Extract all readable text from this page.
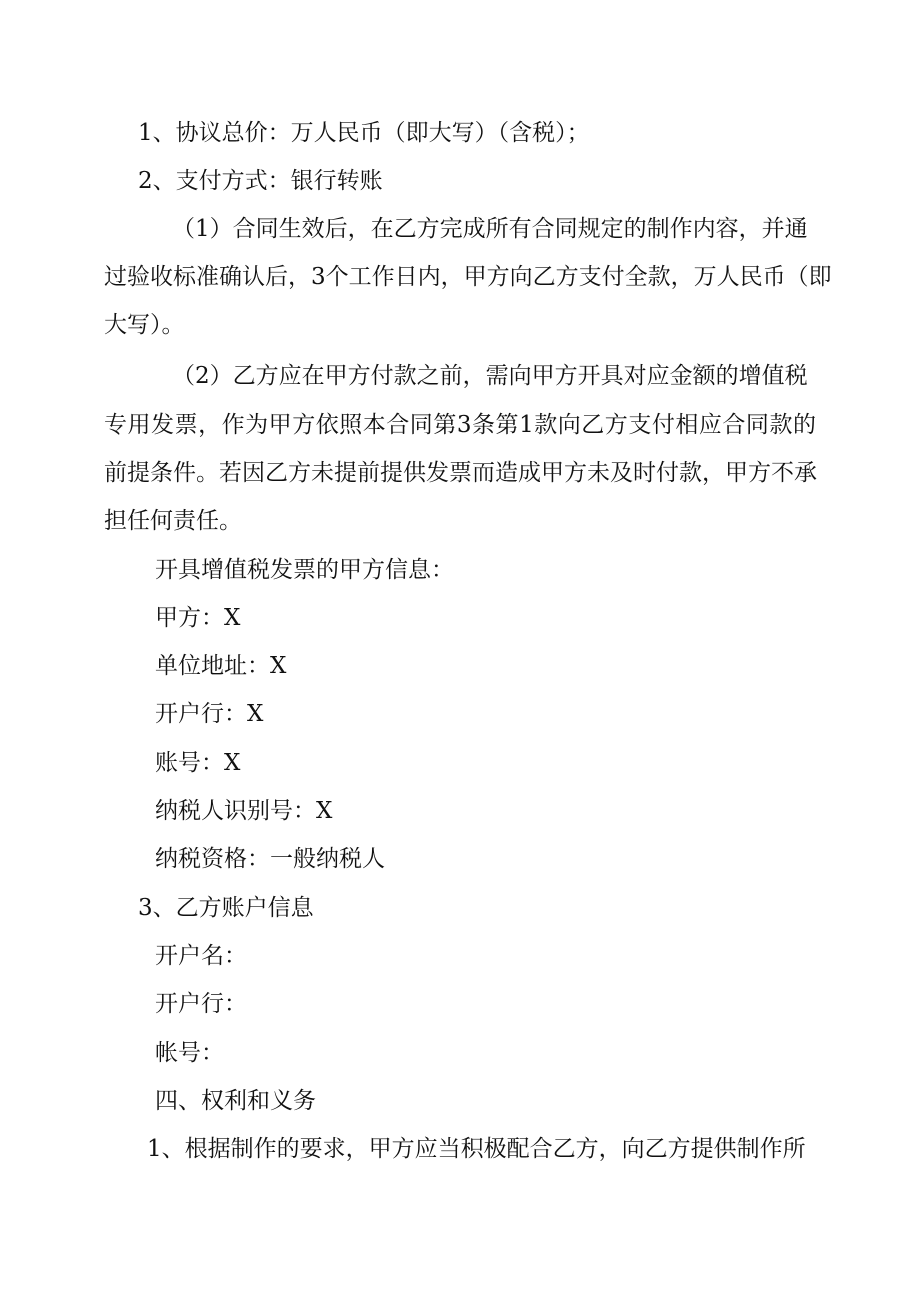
1、协议总价：万人民币（即大写）（含税）；
2、支付方式：银行转账
（1）合同生效后，在乙方完成所有合同规定的制作内容，并通
过验收标准确认后，3个工作日内，甲方向乙方支付全款，万人民币（即
大写）。
（2）乙方应在甲方付款之前，需向甲方开具对应金额的增值税
专用发票，作为甲方依照本合同第3条第1款向乙方支付相应合同款的
前提条件。若因乙方未提前提供发票而造成甲方未及时付款，甲方不承
担任何责任。
开具增值税发票的甲方信息：
甲方：X
单位地址：X
开户行：X
账号：X
纳税人识别号：X
纳税资格：一般纳税人
3、乙方账户信息
开户名：
开户行：
帐号：
四、权利和义务
1、根据制作的要求，甲方应当积极配合乙方，向乙方提供制作所
